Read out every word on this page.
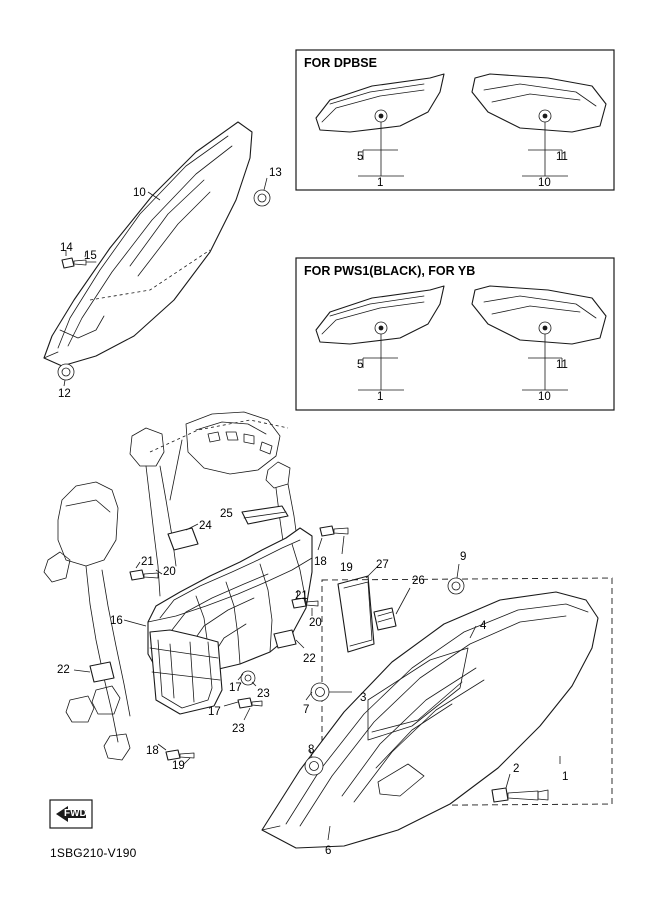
FOR DPBSE
FOR PWS1(BLACK), FOR YB
5
1
11
10
5
1
11
10
10
13
14
15
12
25
24
18 19 27
26
9
21
20
21
20
16	4
22
22
17 23
17
23
7
3
18
19
8
2
1
6
FWD
1SBG210-V190
